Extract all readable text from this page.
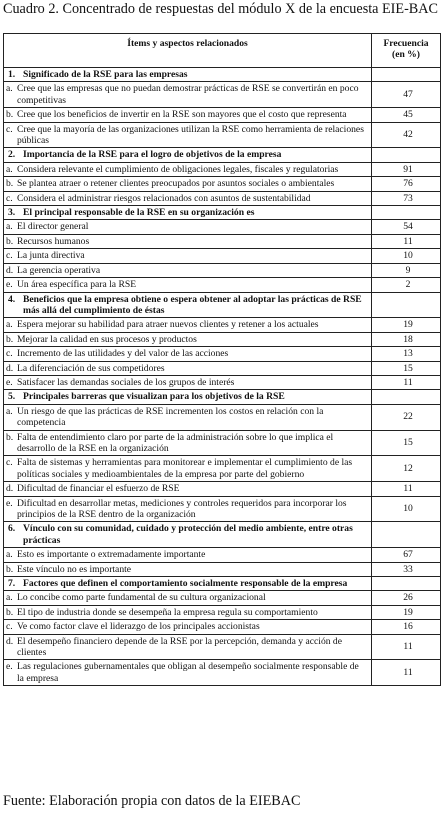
Cuadro 2. Concentrado de respuestas del módulo X de la encuesta EIE-BAC
Ítems y aspectos relacionados	Frecuencia
(en %)

1. Significado de la RSE para las empresas	

a. Cree que las empresas que no puedan demostrar prácticas de RSE se convertirán en poco competitivas	47

b. Cree que los beneficios de invertir en la RSE son mayores que el costo que representa	45

c. Cree que la mayoría de las organizaciones utilizan la RSE como herramienta de relaciones públicas	42

2. Importancia de la RSE para el logro de objetivos de la empresa	

a. Considera relevante el cumplimiento de obligaciones legales, fiscales y regulatorias	91

b. Se plantea atraer o retener clientes preocupados por asuntos sociales o ambientales	76

c. Considera el administrar riesgos relacionados con asuntos de sustentabilidad	73

3. El principal responsable de la RSE en su organización es	

a. El director general	54

b. Recursos humanos	11

c. La junta directiva	10

d. La gerencia operativa	9

e. Un área específica para la RSE	2

4. Beneficios que la empresa obtiene o espera obtener al adoptar las prácticas de RSE más allá del cumplimiento de éstas	

a. Espera mejorar su habilidad para atraer nuevos clientes y retener a los actuales	19

b. Mejorar la calidad en sus procesos y productos	18

c. Incremento de las utilidades y del valor de las acciones	13

d. La diferenciación de sus competidores	15

e. Satisfacer las demandas sociales de los grupos de interés	11

5. Principales barreras que visualizan para los objetivos de la RSE	

a. Un riesgo de que las prácticas de RSE incrementen los costos en relación con la competencia	22

b. Falta de entendimiento claro por parte de la administración sobre lo que implica el desarrollo de la RSE en la organización	15

c. Falta de sistemas y herramientas para monitorear e implementar el cumplimiento de las políticas sociales y medioambientales de la empresa por parte del gobierno	12

d. Dificultad de financiar el esfuerzo de RSE	11

e. Dificultad en desarrollar metas, mediciones y controles requeridos para incorporar los principios de la RSE dentro de la organización	10

6. Vínculo con su comunidad, cuidado y protección del medio ambiente, entre otras prácticas	

a. Esto es importante o extremadamente importante	67

b. Este vínculo no es importante	33

7. Factores que definen el comportamiento socialmente responsable de la empresa	

a. Lo concibe como parte fundamental de su cultura organizacional	26

b. El tipo de industria donde se desempeña la empresa regula su comportamiento	19

c. Ve como factor clave el liderazgo de los principales accionistas	16

d. El desempeño financiero depende de la RSE por la percepción, demanda y acción de clientes	11

e. Las regulaciones gubernamentales que obligan al desempeño socialmente responsable de la empresa	11
Fuente: Elaboración propia con datos de la EIEBAC
